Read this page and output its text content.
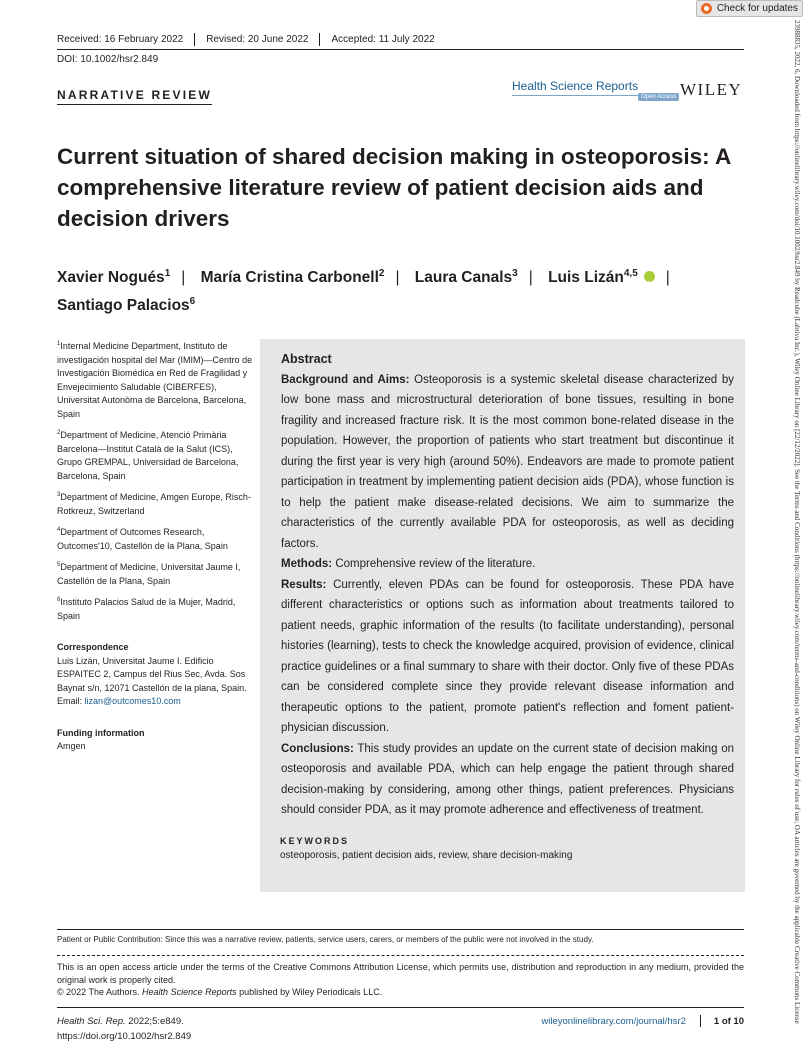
Check for updates
23988835, 2022, 6, Downloaded from https://onlinelibrary.wiley.com/doi/10.1002/hsr2.849 by Readcube (Labtiva Inc.), Wiley Online Library on [22/12/2022]. See the Terms and Conditions (https://onlinelibrary.wiley.com/terms-and-conditions) on Wiley Online Library for rules of use; OA articles are governed by the applicable Creative Commons License
Received: 16 February 2022 Revised: 20 June 2022 Accepted: 11 July 2022
DOI: 10.1002/hsr2.849
NARRATIVE REVIEW
Health Science Reports
Open Access WILEY
Current situation of shared decision making in osteoporosis: A comprehensive literature review of patient decision aids and decision drivers
Xavier Nogués$^1$ | María Cristina Carbonell$^2$ | Laura Canals$^3$ | Luis Lizán$^{4,5}$iD |
Santiago Palacios$^6$

$^1$Internal Medicine Department, Instituto de investigación hospital del Mar (IMIM)—Centro de Investigación Biomédica en Red de Fragilidad y Envejecimiento Saludable (CIBERFES), Universitat Autonòma de Barcelona, Barcelona, Spain

$^2$Department of Medicine, Atenció Primària Barcelona—Institut Català de la Salut (ICS), Grupo GREMPAL, Universidad de Barcelona, Barcelona, Spain

$^3$Department of Medicine, Amgen Europe, Risch-Rotkreuz, Switzerland

$^4$Department of Outcomes Research, Outcomes'10, Castellón de la Plana, Spain

$^5$Department of Medicine, Universitat Jaume I, Castellón de la Plana, Spain

$^6$Instituto Palacios Salud de la Mujer, Madrid, Spain

Correspondence

Luis Lizán, Universitat Jaume I. Edificio ESPAITEC 2, Campus del Rius Sec, Avda. Sos Baynat s/n, 12071 Castellón de la plana, Spain.

Email: lizan@outcomes10.com

Funding information

Amgen

Abstract

Background and Aims: Osteoporosis is a systemic skeletal disease characterized by low bone mass and microstructural deterioration of bone tissues, resulting in bone fragility and increased fracture risk. It is the most common bone-related disease in the population. However, the proportion of patients who start treatment but discontinue it during the first year is very high (around 50%). Endeavors are made to promote patient participation in treatment by implementing patient decision aids (PDA), whose function is to help the patient make disease-related decisions. We aim to summarize the characteristics of the currently available PDA for osteoporosis, as well as deciding factors.

Methods: Comprehensive review of the literature.

Results: Currently, eleven PDAs can be found for osteoporosis. These PDA have different characteristics or options such as information about treatments tailored to patient needs, graphic information of the results (to facilitate understanding), personal histories (learning), tests to check the knowledge acquired, provision of evidence, clinical practice guidelines or a final summary to share with their doctor. Only five of these PDAs can be considered complete since they provide relevant disease information and therapeutic options to the patient, promote patient's reflection and foment patient-physician discussion.

Conclusions: This study provides an update on the current state of decision making on osteoporosis and available PDA, which can help engage the patient through shared decision-making by considering, among other things, patient preferences. Physicians should consider PDA, as it may promote adherence and effectiveness of treatment.

KEYWORDS
osteoporosis, patient decision aids, review, share decision-making
Patient or Public Contribution: Since this was a narrative review, patients, service users, carers, or members of the public were not involved in the study.
This is an open access article under the terms of the Creative Commons Attribution License, which permits use, distribution and reproduction in any medium, provided the original work is properly cited.
© 2022 The Authors. Health Science Reports published by Wiley Periodicals LLC.
Health Sci. Rep. 2022;5:e849.
https://doi.org/10.1002/hsr2.849
wileyonlinelibrary.com/journal/hsr2	1 of 10
